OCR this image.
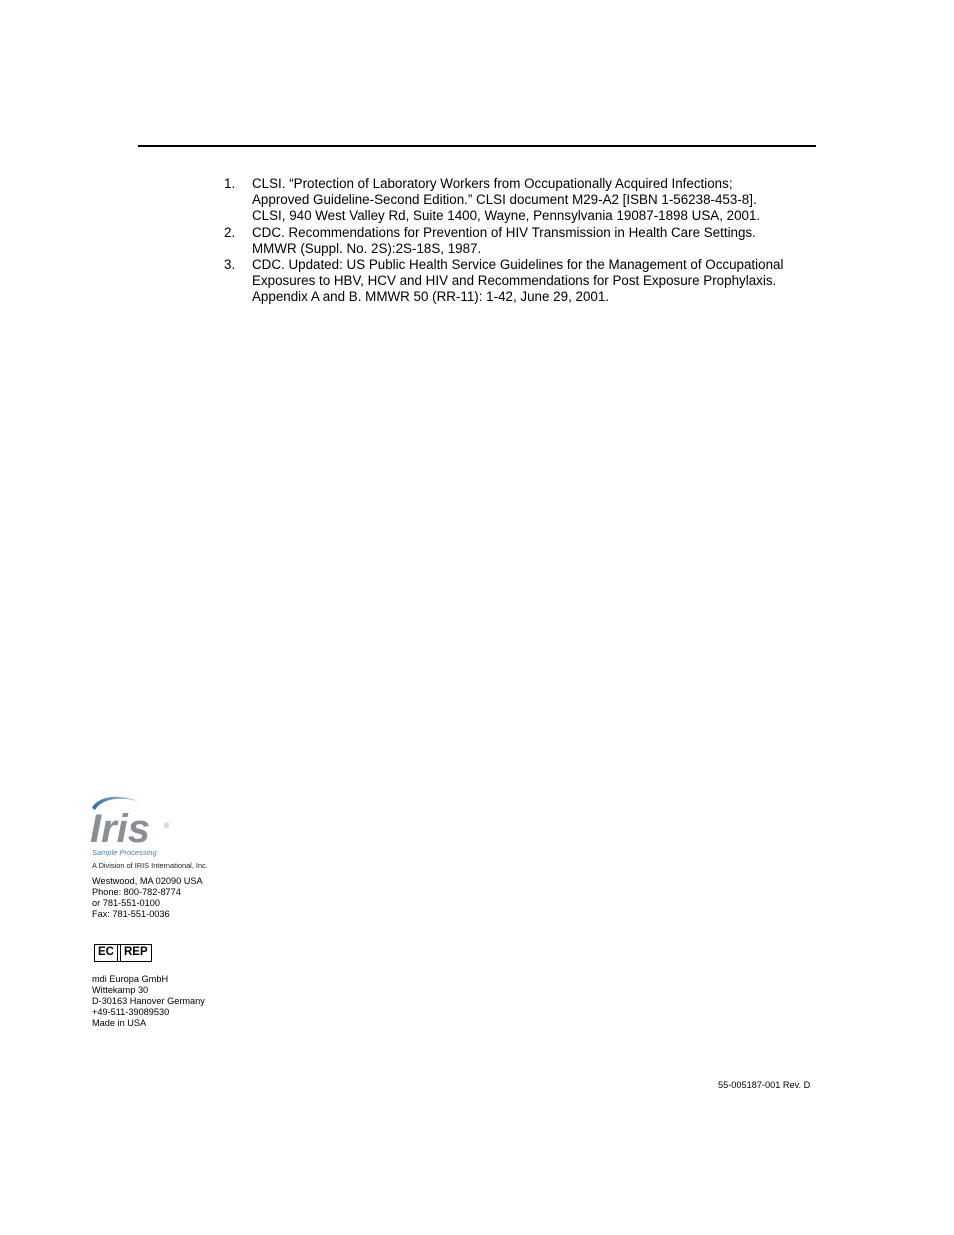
1.	CLSI. “Protection of Laboratory Workers from Occupationally Acquired Infections;
Approved Guideline-Second Edition.” CLSI document M29-A2 [ISBN 1-56238-453-8].
CLSI, 940 West Valley Rd, Suite 1400, Wayne, Pennsylvania 19087-1898 USA, 2001.
2.	CDC. Recommendations for Prevention of HIV Transmission in Health Care Settings.
MMWR (Suppl. No. 2S):2S-18S, 1987.
3.	CDC. Updated: US Public Health Service Guidelines for the Management of Occupational
Exposures to HBV, HCV and HIV and Recommendations for Post Exposure Prophylaxis.
Appendix A and B. MMWR 50 (RR-11): 1-42, June 29, 2001.
Iris ®
Sample Processing
A Division of IRIS International, Inc.
Westwood, MA 02090 USA
Phone: 800-782-8774
or 781-551-0100
Fax: 781-551-0036
EC REP
mdi Europa GmbH
Wittekamp 30
D-30163 Hanover Germany
+49-511-39089530
Made in USA
55-005187-001 Rev. D
